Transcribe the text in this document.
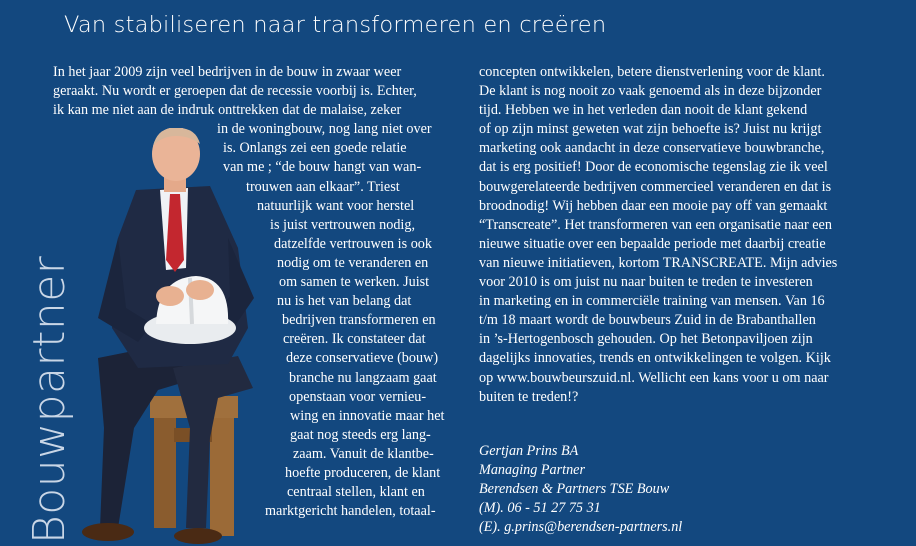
Van stabiliseren naar transformeren en creëren
Bouwpartner
In het jaar 2009 zijn veel bedrijven in de bouw in zwaar weer
geraakt. Nu wordt er geroepen dat de recessie voorbij is. Echter,
ik kan me niet aan de indruk onttrekken dat de malaise, zeker
in de woningbouw, nog lang niet over
is. Onlangs zei een goede relatie
van me ; “de bouw hangt van wan-
trouwen aan elkaar”. Triest
natuurlijk want voor herstel
is juist vertrouwen nodig,
datzelfde vertrouwen is ook
nodig om te veranderen en
om samen te werken. Juist
nu is het van belang dat
bedrijven transformeren en
creëren. Ik constateer dat
deze conservatieve (bouw)
branche nu langzaam gaat
openstaan voor vernieu-
wing en innovatie maar het
gaat nog steeds erg lang-
zaam. Vanuit de klantbe-
hoefte produceren, de klant
centraal stellen, klant en
marktgericht handelen, totaal-
concepten ontwikkelen, betere dienstverlening voor de klant.
De klant is nog nooit zo vaak genoemd als in deze bijzonder
tijd. Hebben we in het verleden dan nooit de klant gekend
of op zijn minst geweten wat zijn behoefte is? Juist nu krijgt
marketing ook aandacht in deze conservatieve bouwbranche,
dat is erg positief! Door de economische tegenslag zie ik veel
bouwgerelateerde bedrijven commercieel veranderen en dat is
broodnodig! Wij hebben daar een mooie pay off van gemaakt
“Transcreate”. Het transformeren van een organisatie naar een
nieuwe situatie over een bepaalde periode met daarbij creatie
van nieuwe initiatieven, kortom TRANSCREATE. Mijn advies
voor 2010 is om juist nu naar buiten te treden te investeren
in marketing en in commerciële training van mensen. Van 16
t/m 18 maart wordt de bouwbeurs Zuid in de Brabanthallen
in ’s-Hertogenbosch gehouden. Op het Betonpaviljoen zijn
dagelijks innovaties, trends en ontwikkelingen te volgen. Kijk
op www.bouwbeurszuid.nl. Wellicht een kans voor u om naar
buiten te treden!?
Gertjan Prins BA
Managing Partner
Berendsen & Partners TSE Bouw
(M). 06 - 51 27 75 31
(E). g.prins@berendsen-partners.nl
